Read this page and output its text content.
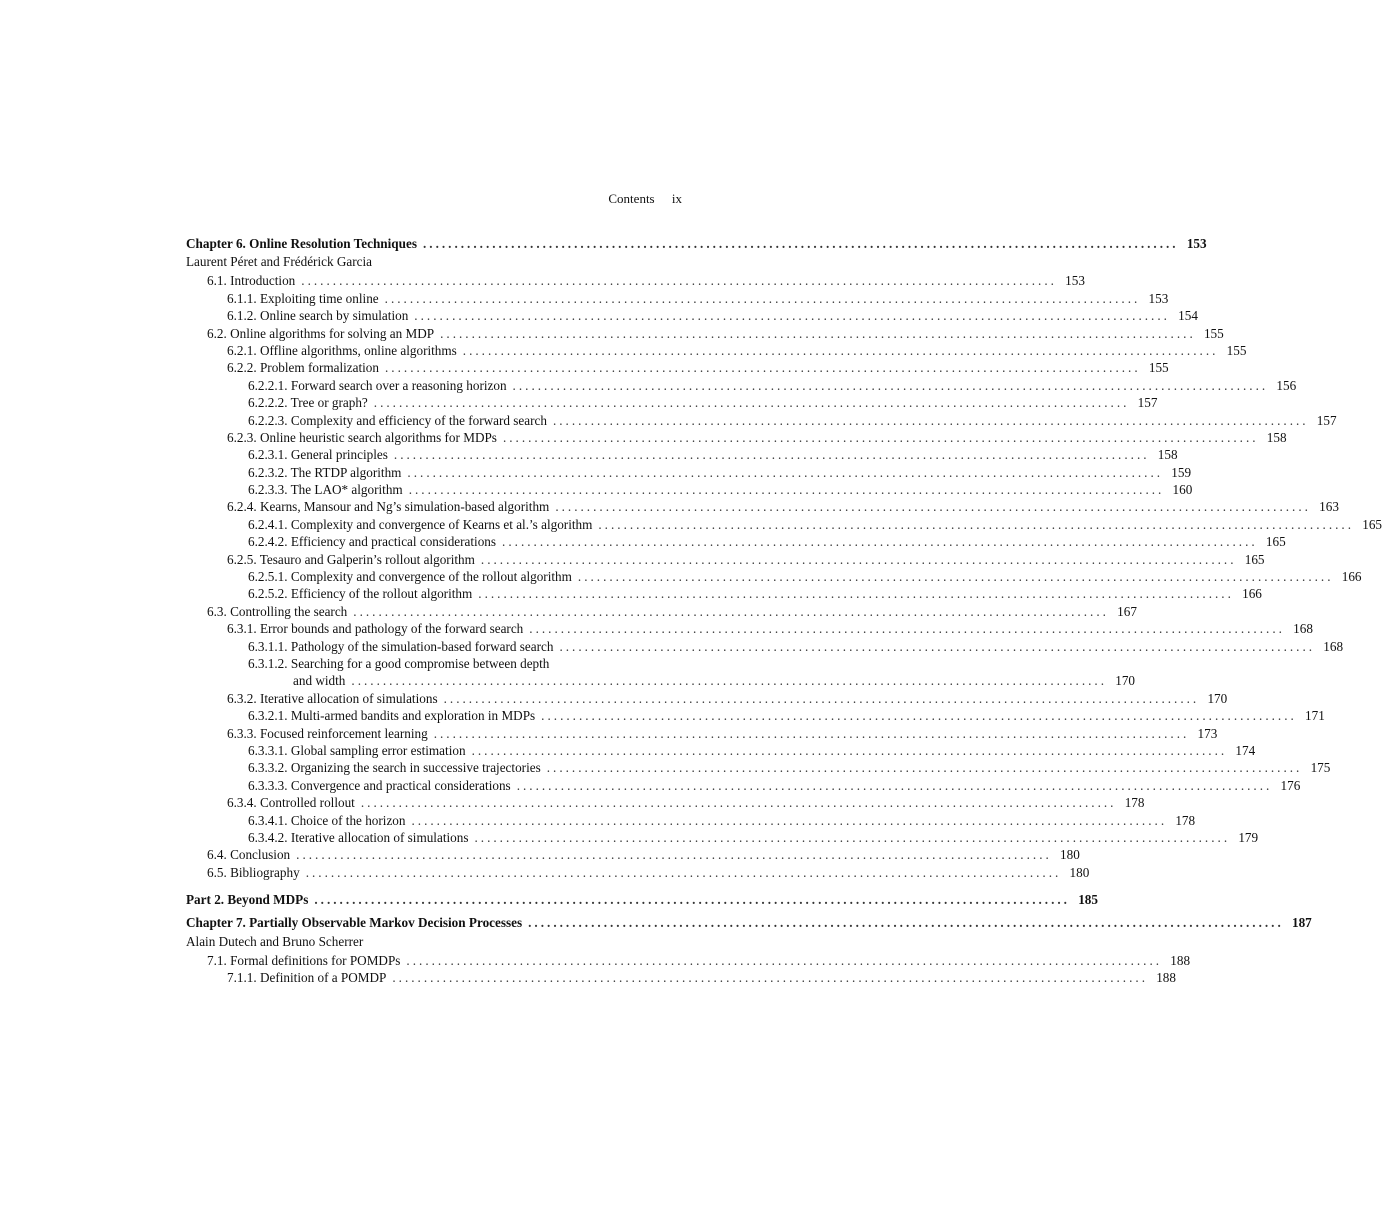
Contents ix
Chapter 6. Online Resolution Techniques ........................................................................................................................ 153
Laurent Péret and Frédérick Garcia
6.1. Introduction ........................................................................................................................ 153
6.1.1. Exploiting time online ........................................................................................................................ 153
6.1.2. Online search by simulation ........................................................................................................................ 154
6.2. Online algorithms for solving an MDP ........................................................................................................................ 155
6.2.1. Offline algorithms, online algorithms ........................................................................................................................ 155
6.2.2. Problem formalization ........................................................................................................................ 155
6.2.2.1. Forward search over a reasoning horizon ........................................................................................................................ 156
6.2.2.2. Tree or graph? ........................................................................................................................ 157
6.2.2.3. Complexity and efficiency of the forward search ........................................................................................................................ 157
6.2.3. Online heuristic search algorithms for MDPs ........................................................................................................................ 158
6.2.3.1. General principles ........................................................................................................................ 158
6.2.3.2. The RTDP algorithm ........................................................................................................................ 159
6.2.3.3. The LAO* algorithm ........................................................................................................................ 160
6.2.4. Kearns, Mansour and Ng’s simulation-based algorithm ........................................................................................................................ 163
6.2.4.1. Complexity and convergence of Kearns et al.’s algorithm ........................................................................................................................ 165
6.2.4.2. Efficiency and practical considerations ........................................................................................................................ 165
6.2.5. Tesauro and Galperin’s rollout algorithm ........................................................................................................................ 165
6.2.5.1. Complexity and convergence of the rollout algorithm ........................................................................................................................ 166
6.2.5.2. Efficiency of the rollout algorithm ........................................................................................................................ 166
6.3. Controlling the search ........................................................................................................................ 167
6.3.1. Error bounds and pathology of the forward search ........................................................................................................................ 168
6.3.1.1. Pathology of the simulation-based forward search ........................................................................................................................ 168
6.3.1.2. Searching for a good compromise between depth
and width ........................................................................................................................ 170
6.3.2. Iterative allocation of simulations ........................................................................................................................ 170
6.3.2.1. Multi-armed bandits and exploration in MDPs ........................................................................................................................ 171
6.3.3. Focused reinforcement learning ........................................................................................................................ 173
6.3.3.1. Global sampling error estimation ........................................................................................................................ 174
6.3.3.2. Organizing the search in successive trajectories ........................................................................................................................ 175
6.3.3.3. Convergence and practical considerations ........................................................................................................................ 176
6.3.4. Controlled rollout ........................................................................................................................ 178
6.3.4.1. Choice of the horizon ........................................................................................................................ 178
6.3.4.2. Iterative allocation of simulations ........................................................................................................................ 179
6.4. Conclusion ........................................................................................................................ 180
6.5. Bibliography ........................................................................................................................ 180
Part 2. Beyond MDPs ........................................................................................................................ 185
Chapter 7. Partially Observable Markov Decision Processes ........................................................................................................................ 187
Alain Dutech and Bruno Scherrer
7.1. Formal definitions for POMDPs ........................................................................................................................ 188
7.1.1. Definition of a POMDP ........................................................................................................................ 188
